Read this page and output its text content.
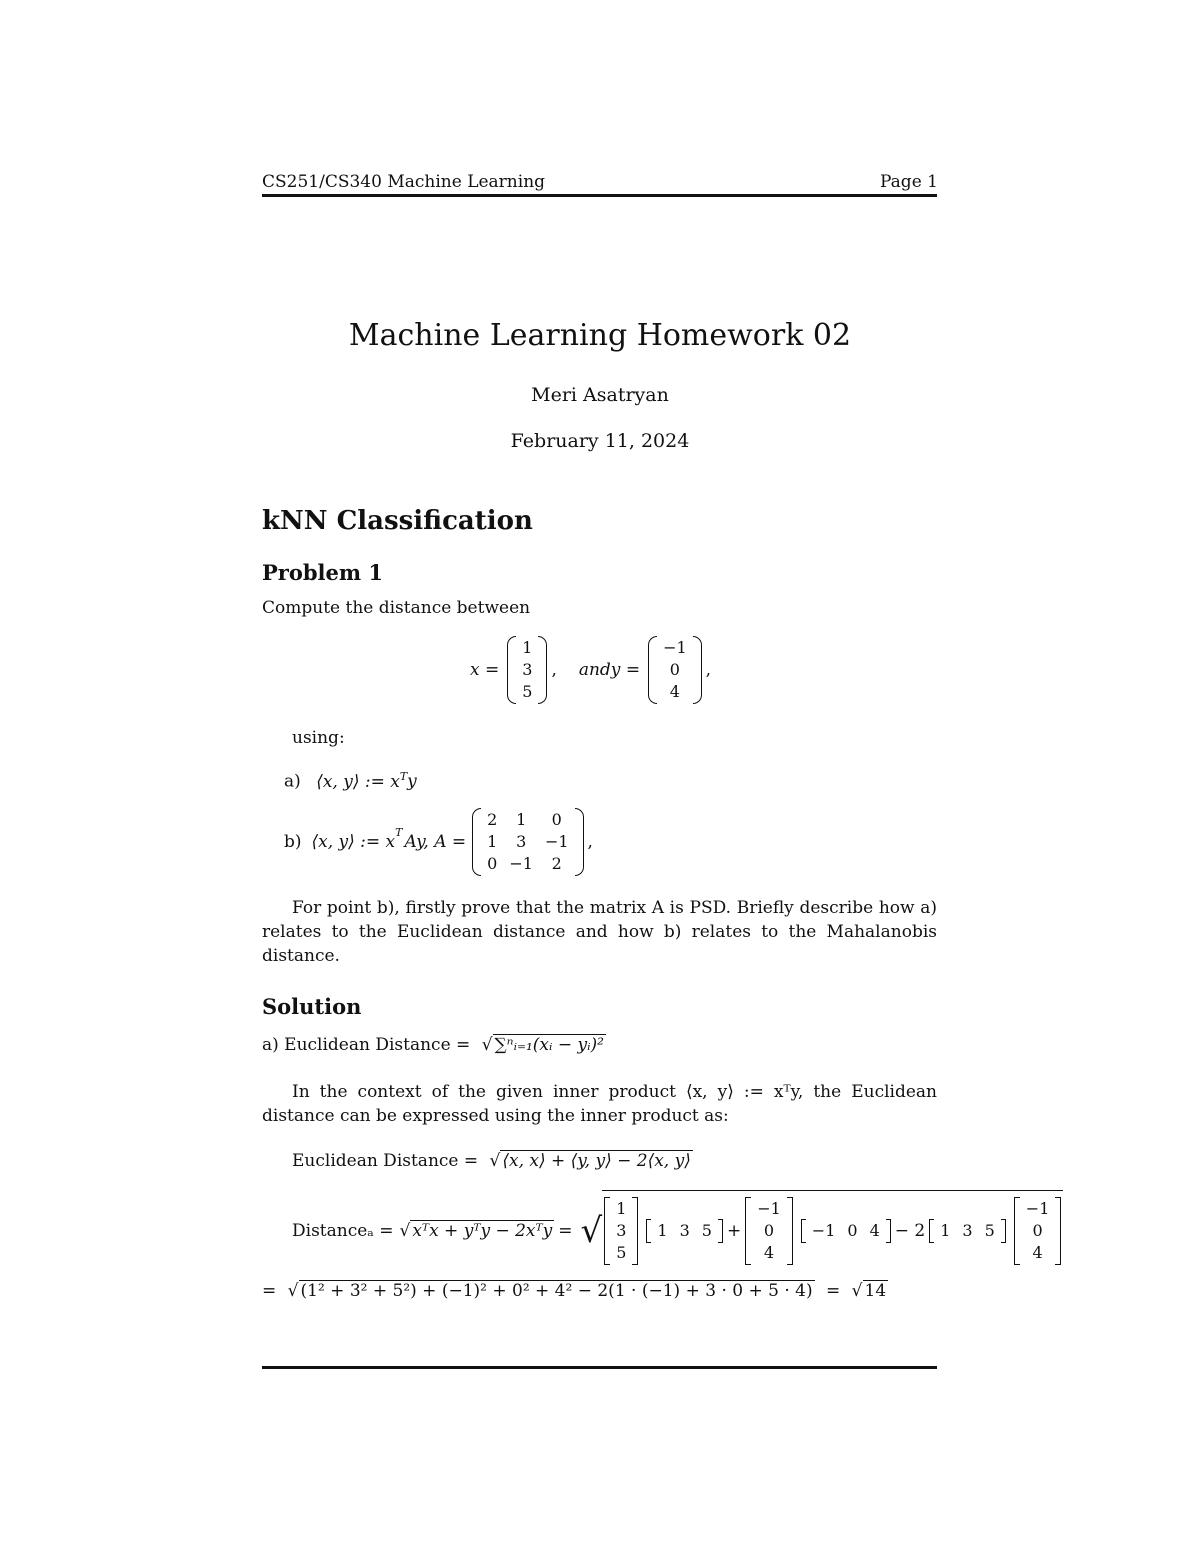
CS251/CS340 Machine Learning	Page 1
Machine Learning Homework 02
Meri Asatryan
February 11, 2024
kNN Classification
Problem 1
Compute the distance between
x =
1
3
5
, andy =
−1
0
4
,
using:
a) ⟨x, y⟩ := $x^Ty$
b) ⟨x, y⟩ := $x^T$ Ay, A =
2	1	0
1	3	−1
0	−1	2
,
For point b), firstly prove that the matrix A is PSD. Briefly describe how a) relates to the Euclidean distance and how b) relates to the Mahalanobis distance.
Solution
a) Euclidean Distance = √ ∑ⁿᵢ₌₁(xᵢ − yᵢ)²
In the context of the given inner product ⟨x, y⟩ := xᵀy, the Euclidean distance can be expressed using the inner product as:
Euclidean Distance = √ ⟨x, x⟩ + ⟨y, y⟩ − 2⟨x, y⟩
Distanceₐ = √ xᵀx + yᵀy − 2xᵀy = √
1
3
5
1	3	5 +
−1
0
4
−1	0	4 − 2 1	3	5
−1
0
4
= √ (1² + 3² + 5²) + (−1)² + 0² + 4² − 2(1 · (−1) + 3 · 0 + 5 · 4) = √ 14
